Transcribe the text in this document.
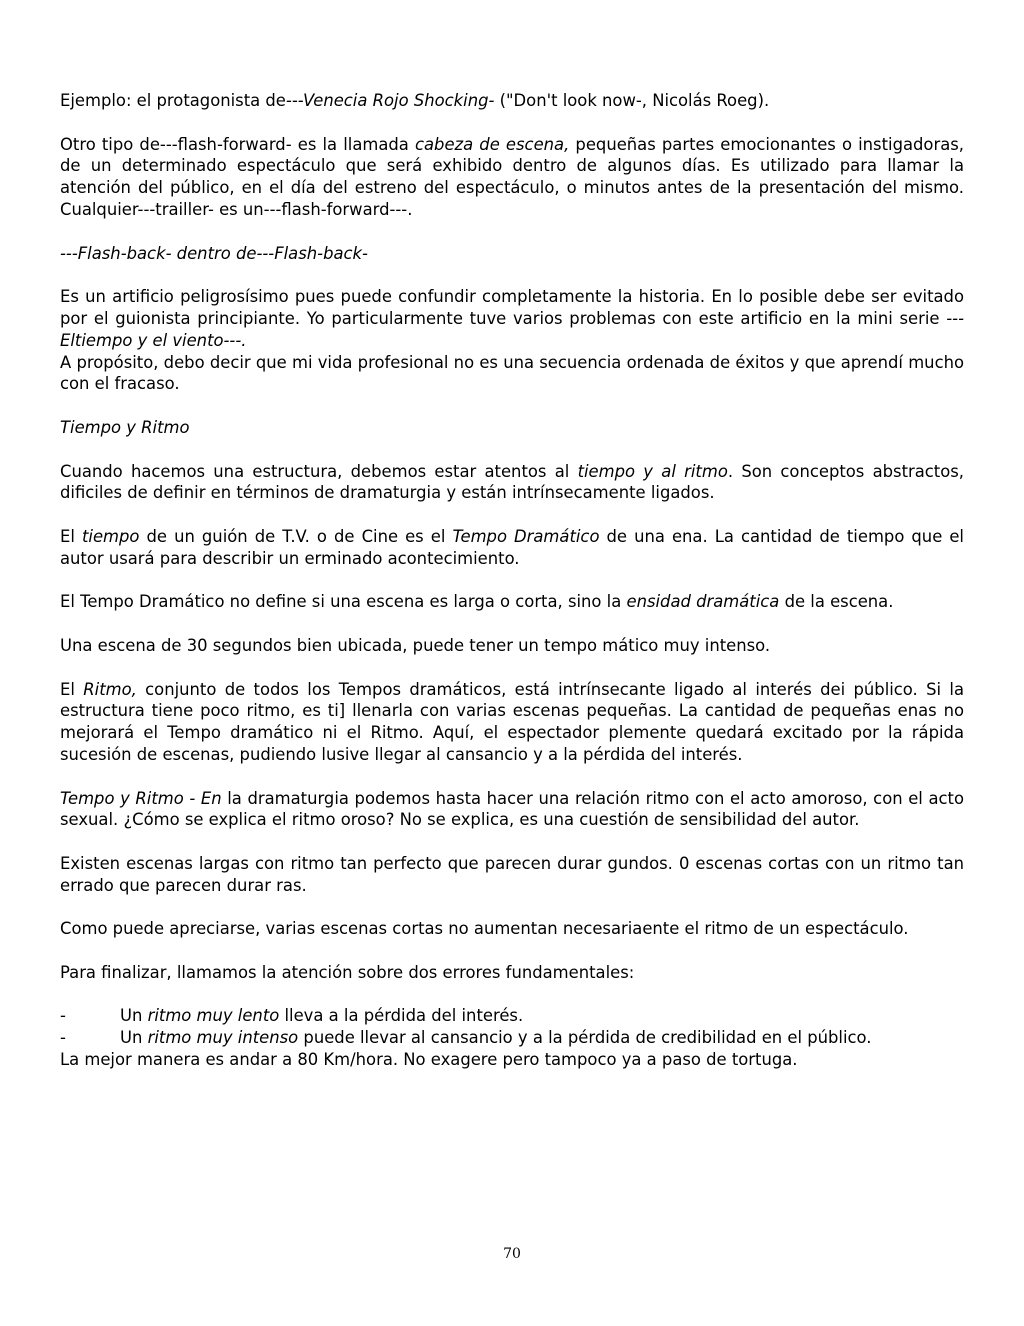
Ejemplo: el protagonista de---Venecia Rojo Shocking- ("Don't look now-, Nicolás Roeg).

Otro tipo de---flash-forward- es la llamada cabeza de escena, pequeñas partes emocionantes o instigadoras, de un determinado espectáculo que será exhibido dentro de algunos días. Es utilizado para llamar la atención del público, en el día del estreno del espectáculo, o minutos antes de la presentación del mismo. Cualquier---trailler- es un---flash-forward---.

---Flash-back- dentro de---Flash-back-

Es un artificio peligrosísimo pues puede confundir completamente la historia. En lo posible debe ser evitado por el guionista principiante. Yo particularmente tuve varios problemas con este artificio en la mini serie ---Eltiempo y el viento---.

A propósito, debo decir que mi vida profesional no es una secuencia ordenada de éxitos y que aprendí mucho con el fracaso.

Tiempo y Ritmo

Cuando hacemos una estructura, debemos estar atentos al tiempo y al ritmo. Son conceptos abstractos, dificiles de definir en términos de dramaturgia y están intrínsecamente ligados.

El tiempo de un guión de T.V. o de Cine es el Tempo Dramático de una ena. La cantidad de tiempo que el autor usará para describir un erminado acontecimiento.

El Tempo Dramático no define si una escena es larga o corta, sino la ensidad dramática de la escena.

Una escena de 30 segundos bien ubicada, puede tener un tempo mático muy intenso.

El Ritmo, conjunto de todos los Tempos dramáticos, está intrínsecante ligado al interés dei público. Si la estructura tiene poco ritmo, es ti] llenarla con varias escenas pequeñas. La cantidad de pequeñas enas no mejorará el Tempo dramático ni el Ritmo. Aquí, el espectador plemente quedará excitado por la rápida sucesión de escenas, pudiendo lusive llegar al cansancio y a la pérdida del interés.

Tempo y Ritmo - En la dramaturgia podemos hasta hacer una relación ritmo con el acto amoroso, con el acto sexual. ¿Cómo se explica el ritmo oroso? No se explica, es una cuestión de sensibilidad del autor.

Existen escenas largas con ritmo tan perfecto que parecen durar gundos. 0 escenas cortas con un ritmo tan errado que parecen durar ras.

Como puede apreciarse, varias escenas cortas no aumentan necesariaente el ritmo de un espectáculo.

Para finalizar, llamamos la atención sobre dos errores fundamentales:

-	Un ritmo muy lento lleva a la pérdida del interés.

-	Un ritmo muy intenso puede llevar al cansancio y a la pérdida de credibilidad en el público.

La mejor manera es andar a 80 Km/hora. No exagere pero tampoco ya a paso de tortuga.

70
